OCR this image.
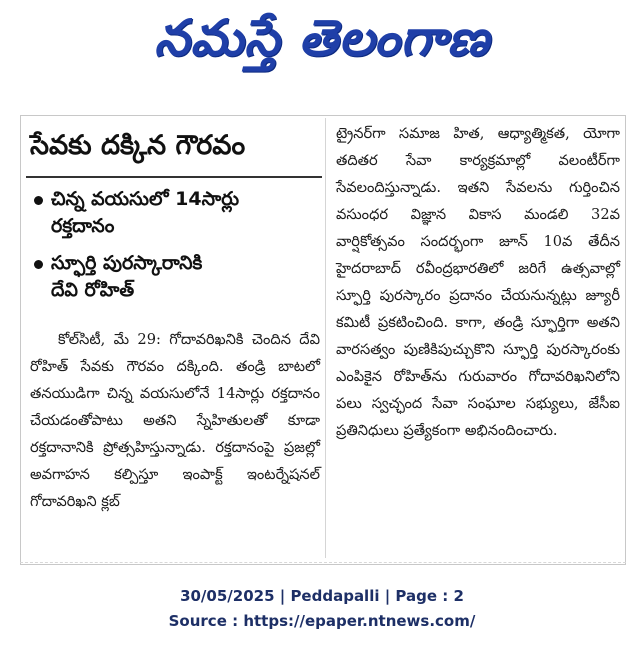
నమస్తే తెలంగాణ
సేవకు దక్కిన గౌరవం
చిన్న వయసులో 14సార్లు
రక్తదానం
స్ఫూర్తి పురస్కారానికి
దేవి రోహిత్

కోల్‌సిటీ, మే 29: గోదావరిఖనికి చెందిన దేవి రోహిత్ సేవకు గౌరవం దక్కింది. తండ్రి బాటలో తనయుడిగా చిన్న వయసులోనే 14సార్లు రక్తదానం చేయడంతోపాటు అతని స్నేహితులతో కూడా రక్తదానానికి ప్రోత్సహిస్తున్నాడు. రక్తదానంపై ప్రజల్లో అవగాహన కల్పిస్తూ ఇంపాక్ట్ ఇంటర్నేషనల్ గోదావరిఖని క్లబ్

ట్రైనర్‌గా సమాజ హిత, ఆధ్యాత్మికత, యోగా తదితర సేవా కార్యక్రమాల్లో వలంటీర్‌గా సేవలందిస్తున్నాడు. ఇతని సేవలను గుర్తించిన వసుంధర విజ్ఞాన వికాస మండలి 32వ వార్షికోత్సవం సందర్భంగా జూన్ 10వ తేదీన హైదరాబాద్ రవీంద్రభారతిలో జరిగే ఉత్సవాల్లో స్ఫూర్తి పురస్కారం ప్రదానం చేయనున్నట్లు జ్యూరీ కమిటీ ప్రకటించింది. కాగా, తండ్రి స్ఫూర్తిగా అతని వారసత్వం పుణికిపుచ్చుకొని స్ఫూర్తి పురస్కారంకు ఎంపికైన రోహిత్‌ను గురువారం గోదావరిఖనిలోని పలు స్వచ్ఛంద సేవా సంఘాల సభ్యులు, జేసీఐ ప్రతినిధులు ప్రత్యేకంగా అభినందించారు.

30/05/2025 | Peddapalli | Page : 2
Source : https://epaper.ntnews.com/
